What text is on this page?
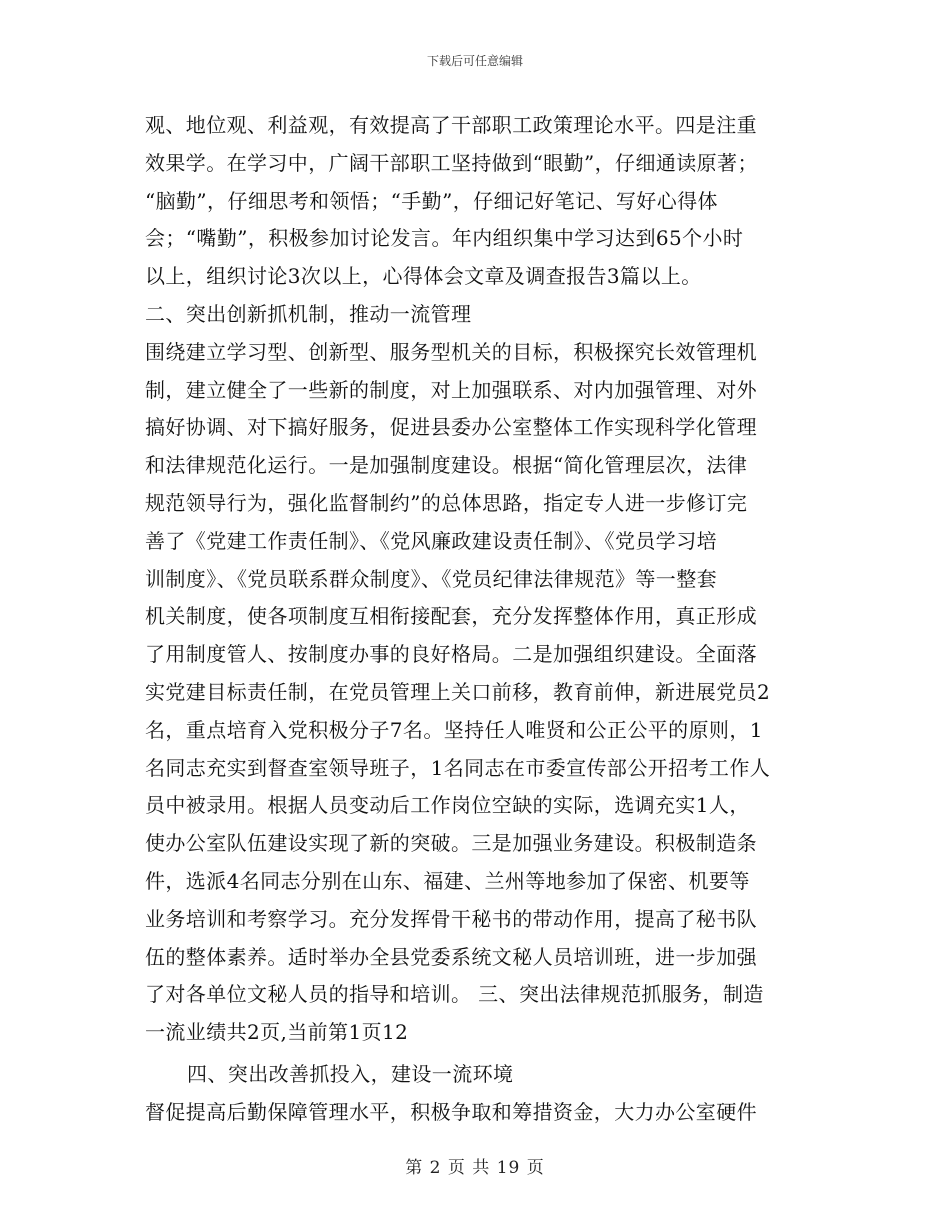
下载后可任意编辑
观、地位观、利益观，有效提高了干部职工政策理论水平。四是注重
效果学。在学习中，广阔干部职工坚持做到“眼勤”，仔细通读原著；
“脑勤”，仔细思考和领悟；“手勤”，仔细记好笔记、写好心得体
会；“嘴勤”，积极参加讨论发言。年内组织集中学习达到65个小时
以上，组织讨论3次以上，心得体会文章及调查报告3篇以上。
二、突出创新抓机制，推动一流管理
围绕建立学习型、创新型、服务型机关的目标，积极探究长效管理机
制，建立健全了一些新的制度，对上加强联系、对内加强管理、对外
搞好协调、对下搞好服务，促进县委办公室整体工作实现科学化管理
和法律规范化运行。一是加强制度建设。根据“简化管理层次，法律
规范领导行为，强化监督制约”的总体思路，指定专人进一步修订完
善了《党建工作责任制》、《党风廉政建设责任制》、《党员学习培
训制度》、《党员联系群众制度》、《党员纪律法律规范》等一整套
机关制度，使各项制度互相衔接配套，充分发挥整体作用，真正形成
了用制度管人、按制度办事的良好格局。二是加强组织建设。全面落
实党建目标责任制，在党员管理上关口前移，教育前伸，新进展党员2
名，重点培育入党积极分子7名。坚持任人唯贤和公正公平的原则，1
名同志充实到督查室领导班子，1名同志在市委宣传部公开招考工作人
员中被录用。根据人员变动后工作岗位空缺的实际，选调充实1人，
使办公室队伍建设实现了新的突破。三是加强业务建设。积极制造条
件，选派4名同志分别在山东、福建、兰州等地参加了保密、机要等
业务培训和考察学习。充分发挥骨干秘书的带动作用，提高了秘书队
伍的整体素养。适时举办全县党委系统文秘人员培训班，进一步加强
了对各单位文秘人员的指导和培训。 三、突出法律规范抓服务，制造
一流业绩共2页,当前第1页12
四、突出改善抓投入，建设一流环境
督促提高后勤保障管理水平，积极争取和筹措资金，大力办公室硬件
第 2 页 共 19 页
